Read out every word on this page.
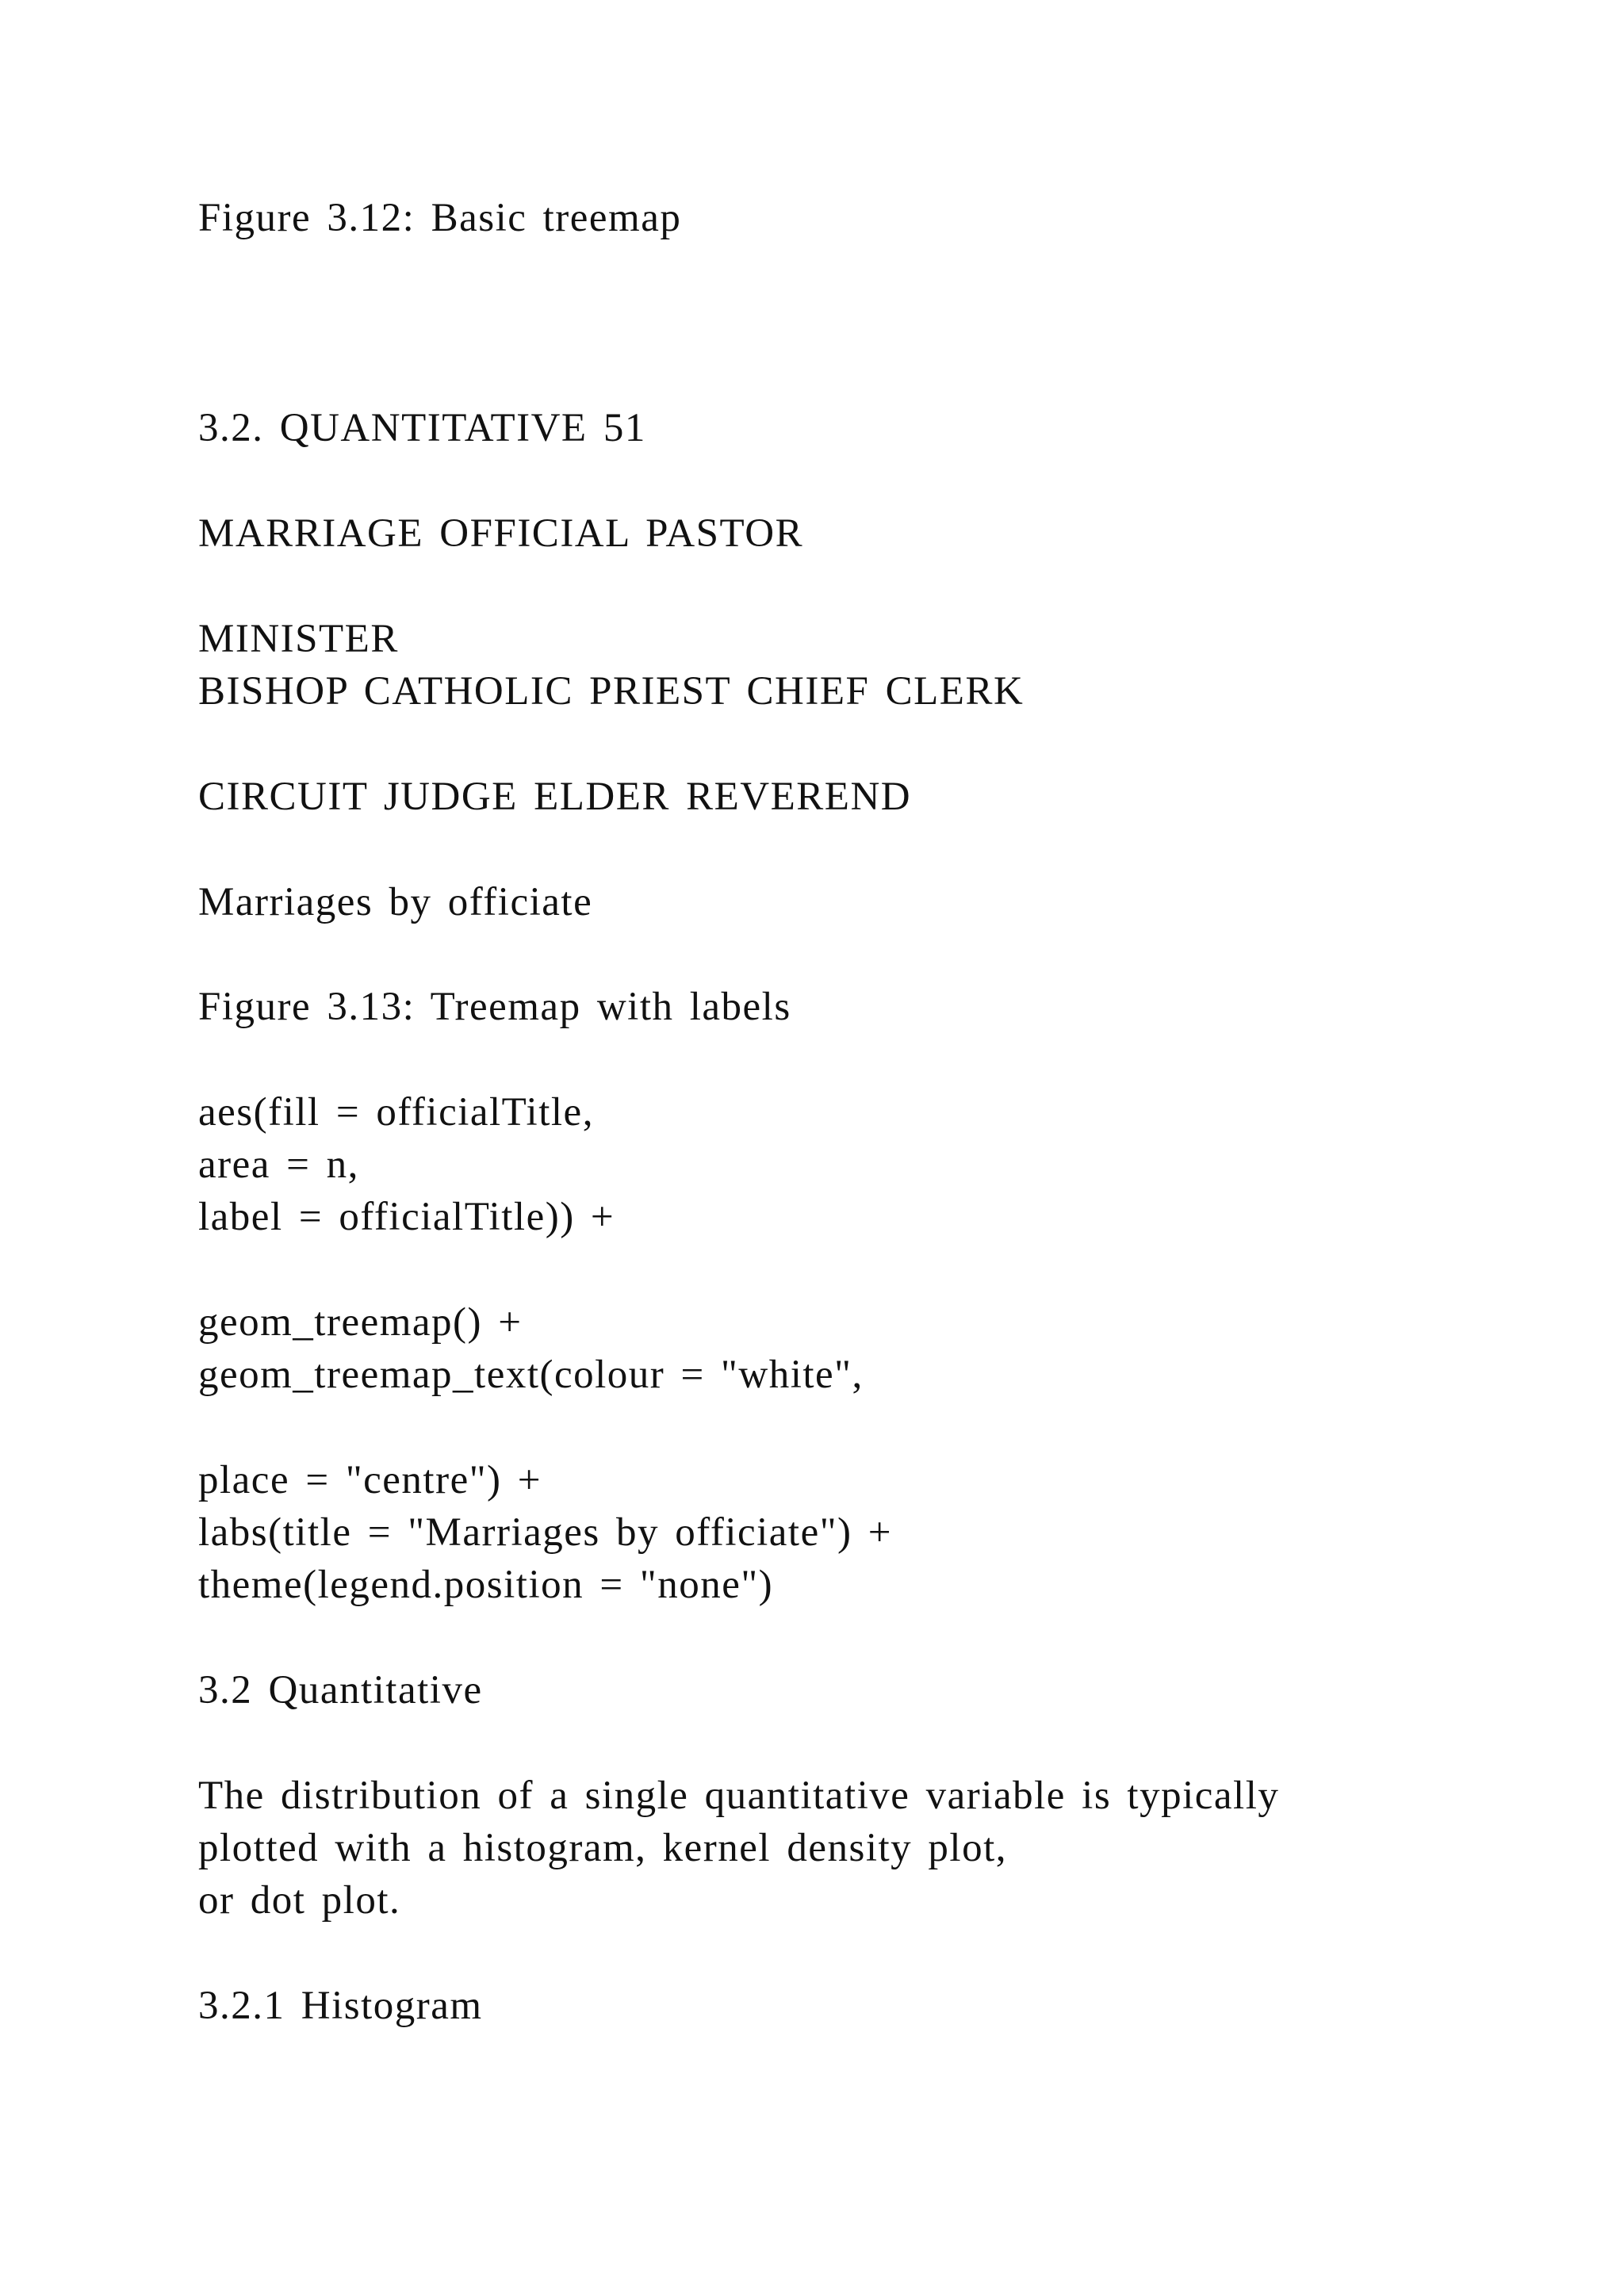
Figure 3.12: Basic treemap

3.2. QUANTITATIVE 51

MARRIAGE OFFICIAL PASTOR

MINISTER

BISHOP CATHOLIC PRIEST CHIEF CLERK

CIRCUIT JUDGE ELDER REVEREND

Marriages by officiate

Figure 3.13: Treemap with labels

aes(fill = officialTitle,

area = n,

label = officialTitle)) +

geom_treemap() +

geom_treemap_text(colour = "white",

place = "centre") +

labs(title = "Marriages by officiate") +

theme(legend.position = "none")

3.2 Quantitative

The distribution of a single quantitative variable is typically

plotted with a histogram, kernel density plot,

or dot plot.

3.2.1 Histogram
